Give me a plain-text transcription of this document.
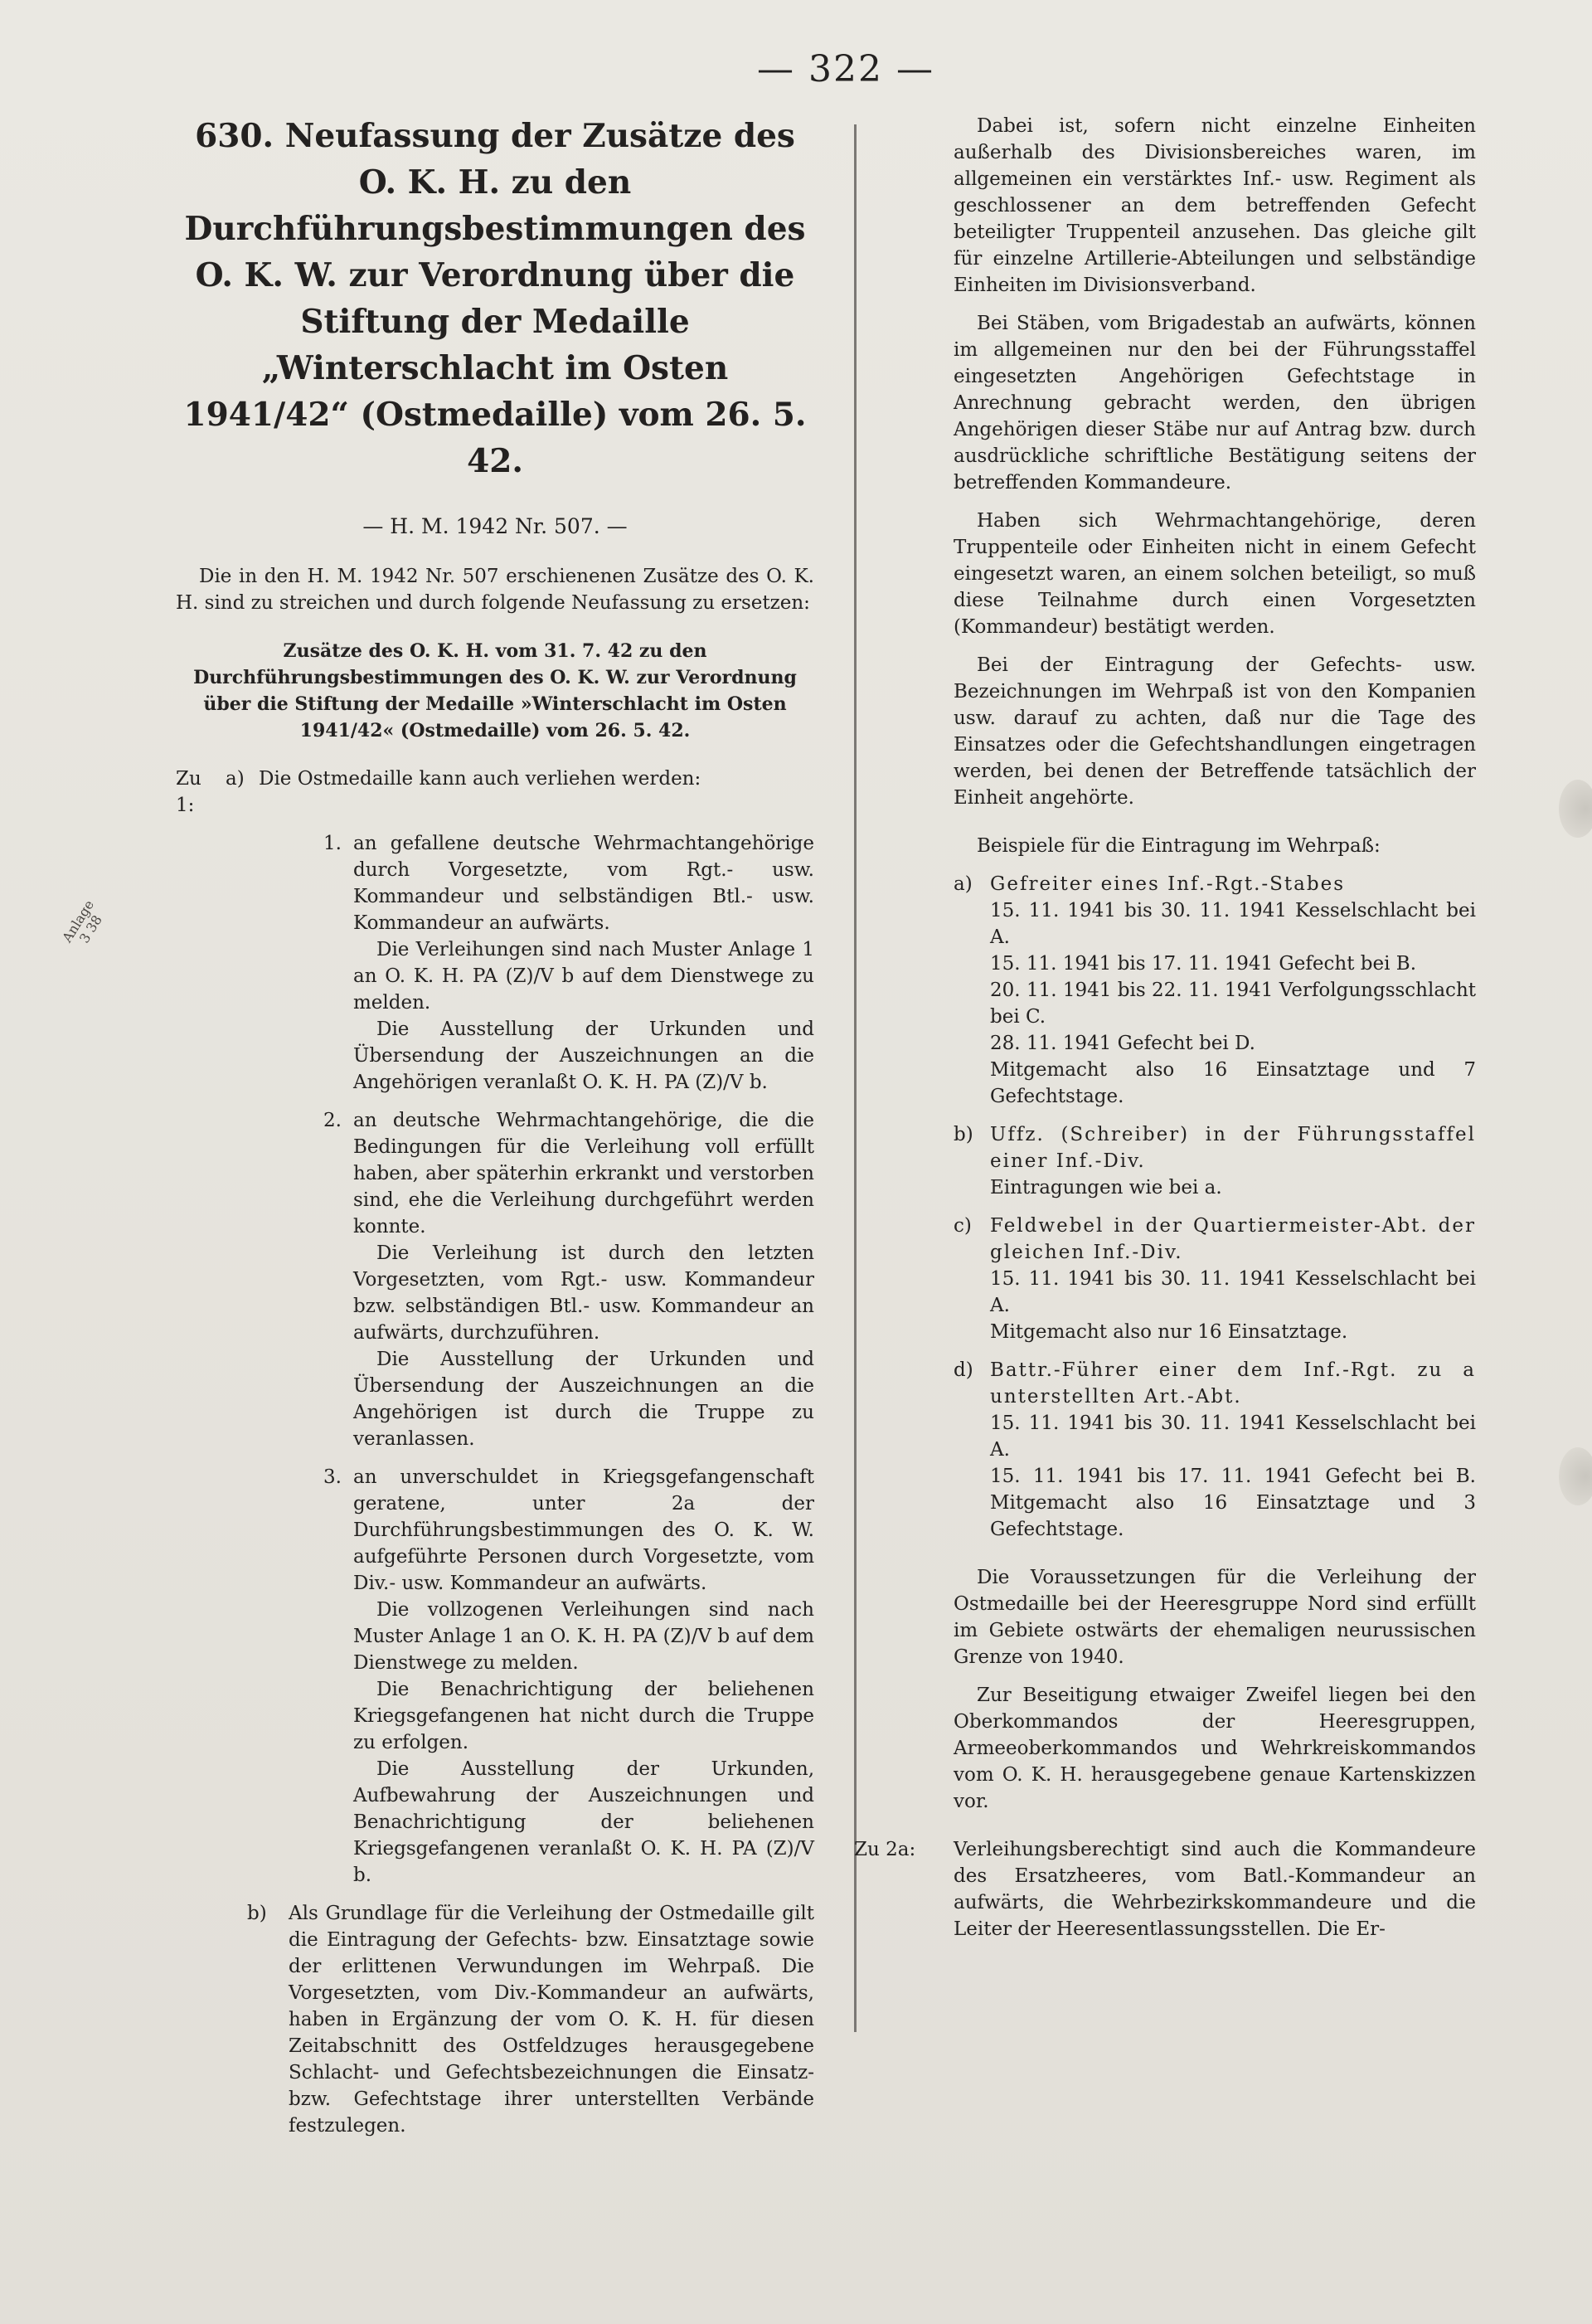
— 322 —
Anlage
3 38
630. Neufassung der Zusätze des O. K. H. zu den Durchführungsbestimmungen des O. K. W. zur Verordnung über die Stiftung der Medaille „Winterschlacht im Osten 1941/42“ (Ostmedaille) vom 26. 5. 42.
— H. M. 1942 Nr. 507. —

Die in den H. M. 1942 Nr. 507 erschienenen Zusätze des O. K. H. sind zu streichen und durch folgende Neufassung zu ersetzen:

Zusätze des O. K. H. vom 31. 7. 42 zu den Durchführungsbestimmungen des O. K. W. zur Verordnung über die Stiftung der Medaille »Winterschlacht im Osten 1941/42« (Ostmedaille) vom 26. 5. 42.

Zu 1:
a) Die Ostmedaille kann auch verliehen werden:
1. an gefallene deutsche Wehrmachtangehörige durch Vorgesetzte, vom Rgt.- usw. Kommandeur und selbständigen Btl.- usw. Kommandeur an aufwärts.

Die Verleihungen sind nach Muster Anlage 1 an O. K. H. PA (Z)/V b auf dem Dienstwege zu melden.

Die Ausstellung der Urkunden und Übersendung der Auszeichnungen an die Angehörigen veranlaßt O. K. H. PA (Z)/V b.

2. an deutsche Wehrmachtangehörige, die die Bedingungen für die Verleihung voll erfüllt haben, aber späterhin erkrankt und verstorben sind, ehe die Verleihung durchgeführt werden konnte.

Die Verleihung ist durch den letzten Vorgesetzten, vom Rgt.- usw. Kommandeur bzw. selbständigen Btl.- usw. Kommandeur an aufwärts, durchzuführen.

Die Ausstellung der Urkunden und Übersendung der Auszeichnungen an die Angehörigen ist durch die Truppe zu veranlassen.

3. an unverschuldet in Kriegsgefangenschaft geratene, unter 2a der Durchführungsbestimmungen des O. K. W. aufgeführte Personen durch Vorgesetzte, vom Div.- usw. Kommandeur an aufwärts.

Die vollzogenen Verleihungen sind nach Muster Anlage 1 an O. K. H. PA (Z)/V b auf dem Dienstwege zu melden.

Die Benachrichtigung der beliehenen Kriegsgefangenen hat nicht durch die Truppe zu erfolgen.

Die Ausstellung der Urkunden, Aufbewahrung der Auszeichnungen und Benachrichtigung der beliehenen Kriegsgefangenen veranlaßt O. K. H. PA (Z)/V b.

b)	Als Grundlage für die Verleihung der Ostmedaille gilt die Eintragung der Gefechts- bzw. Einsatztage sowie der erlittenen Verwundungen im Wehrpaß. Die Vorgesetzten, vom Div.-Kommandeur an aufwärts, haben in Ergänzung der vom O. K. H. für diesen Zeitabschnitt des Ostfeldzuges herausgegebene Schlacht- und Gefechtsbezeichnungen die Einsatz- bzw. Gefechtstage ihrer unterstellten Verbände festzulegen.

Dabei ist, sofern nicht einzelne Einheiten außerhalb des Divisionsbereiches waren, im allgemeinen ein verstärktes Inf.- usw. Regiment als geschlossener an dem betreffenden Gefecht beteiligter Truppenteil anzusehen. Das gleiche gilt für einzelne Artillerie-Abteilungen und selbständige Einheiten im Divisionsverband.

Bei Stäben, vom Brigadestab an aufwärts, können im allgemeinen nur den bei der Führungsstaffel eingesetzten Angehörigen Gefechtstage in Anrechnung gebracht werden, den übrigen Angehörigen dieser Stäbe nur auf Antrag bzw. durch ausdrückliche schriftliche Bestätigung seitens der betreffenden Kommandeure.

Haben sich Wehrmachtangehörige, deren Truppenteile oder Einheiten nicht in einem Gefecht eingesetzt waren, an einem solchen beteiligt, so muß diese Teilnahme durch einen Vorgesetzten (Kommandeur) bestätigt werden.

Bei der Eintragung der Gefechts- usw. Bezeichnungen im Wehrpaß ist von den Kompanien usw. darauf zu achten, daß nur die Tage des Einsatzes oder die Gefechtshandlungen eingetragen werden, bei denen der Betreffende tatsächlich der Einheit angehörte.

Beispiele für die Eintragung im Wehrpaß:

a) Gefreiter eines Inf.-Rgt.-Stabes

15. 11. 1941 bis 30. 11. 1941 Kesselschlacht bei A.

15. 11. 1941 bis 17. 11. 1941 Gefecht bei B.

20. 11. 1941 bis 22. 11. 1941 Verfolgungsschlacht bei C.

28. 11. 1941 Gefecht bei D.

Mitgemacht also 16 Einsatztage und 7 Gefechtstage.

b) Uffz. (Schreiber) in der Führungsstaffel einer Inf.-Div.

Eintragungen wie bei a.

c) Feldwebel in der Quartiermeister-Abt. der gleichen Inf.-Div.

15. 11. 1941 bis 30. 11. 1941 Kesselschlacht bei A.

Mitgemacht also nur 16 Einsatztage.

d) Battr.-Führer einer dem Inf.-Rgt. zu a unterstellten Art.-Abt.

15. 11. 1941 bis 30. 11. 1941 Kesselschlacht bei A.

15. 11. 1941 bis 17. 11. 1941 Gefecht bei B. Mitgemacht also 16 Einsatztage und 3 Gefechtstage.

Die Voraussetzungen für die Verleihung der Ostmedaille bei der Heeresgruppe Nord sind erfüllt im Gebiete ostwärts der ehemaligen neurussischen Grenze von 1940.

Zur Beseitigung etwaiger Zweifel liegen bei den Oberkommandos der Heeresgruppen, Armeeoberkommandos und Wehrkreiskommandos vom O. K. H. herausgegebene genaue Kartenskizzen vor.

Zu 2a:	Verleihungsberechtigt sind auch die Kommandeure des Ersatzheeres, vom Batl.-Kommandeur an aufwärts, die Wehrbezirkskommandeure und die Leiter der Heeresentlassungsstellen. Die Er-
